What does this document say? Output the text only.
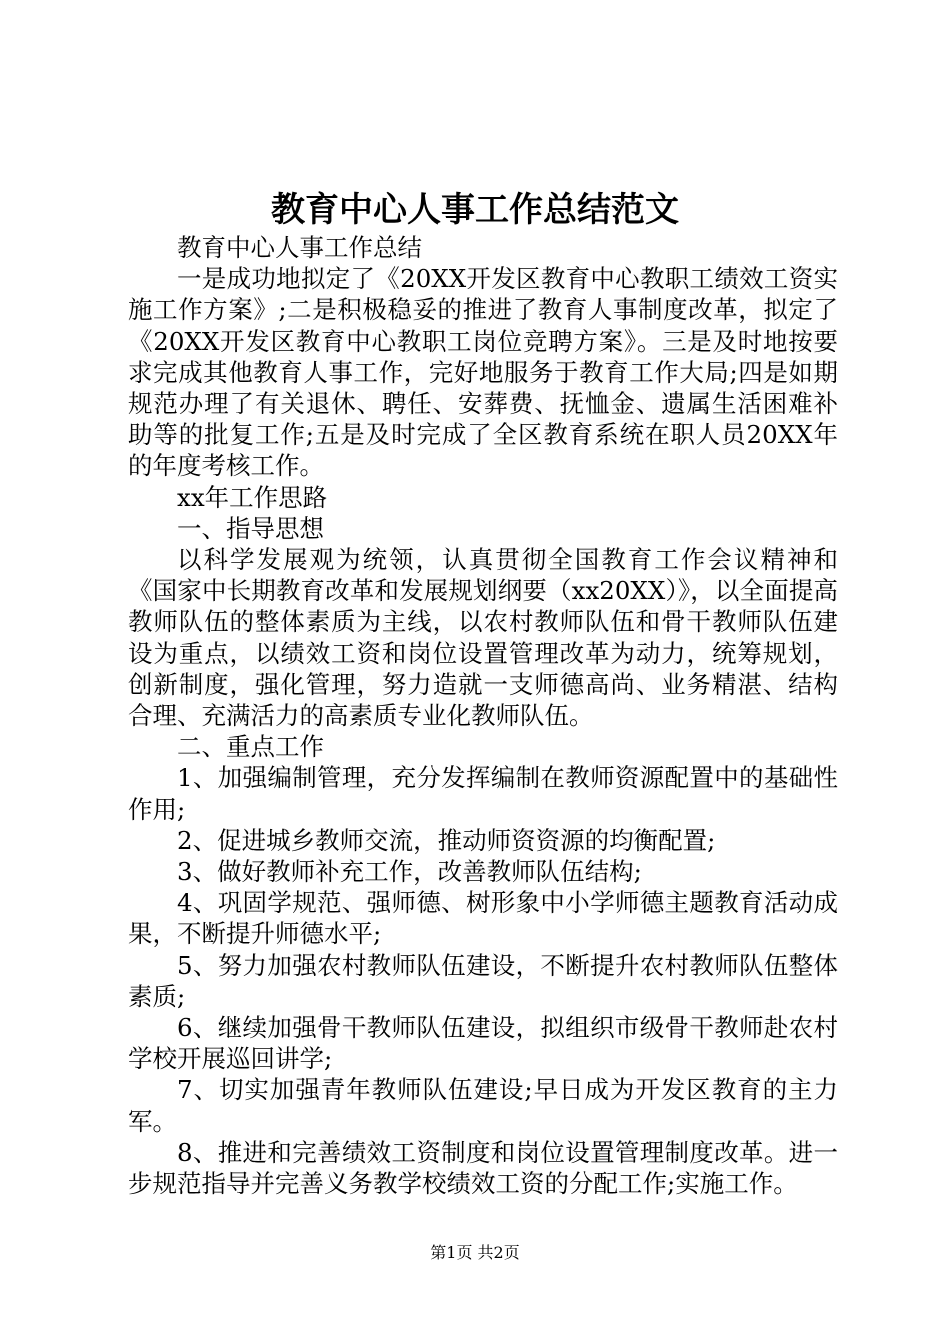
教育中心人事工作总结范文

教育中心人事工作总结

一是成功地拟定了《20XX开发区教育中心教职工绩效工资实施工作方案》;二是积极稳妥的推进了教育人事制度改革，拟定了《20XX开发区教育中心教职工岗位竞聘方案》。三是及时地按要求完成其他教育人事工作，完好地服务于教育工作大局;四是如期规范办理了有关退休、聘任、安葬费、抚恤金、遗属生活困难补助等的批复工作;五是及时完成了全区教育系统在职人员20XX年的年度考核工作。

xx年工作思路

一、指导思想

以科学发展观为统领，认真贯彻全国教育工作会议精神和《国家中长期教育改革和发展规划纲要（xx20XX）》，以全面提高教师队伍的整体素质为主线，以农村教师队伍和骨干教师队伍建设为重点，以绩效工资和岗位设置管理改革为动力，统筹规划，创新制度，强化管理，努力造就一支师德高尚、业务精湛、结构合理、充满活力的高素质专业化教师队伍。

二、重点工作

1、加强编制管理，充分发挥编制在教师资源配置中的基础性作用;

2、促进城乡教师交流，推动师资资源的均衡配置;

3、做好教师补充工作，改善教师队伍结构;

4、巩固学规范、强师德、树形象中小学师德主题教育活动成果，不断提升师德水平;

5、努力加强农村教师队伍建设，不断提升农村教师队伍整体素质;

6、继续加强骨干教师队伍建设，拟组织市级骨干教师赴农村学校开展巡回讲学;

7、切实加强青年教师队伍建设;早日成为开发区教育的主力军。

8、推进和完善绩效工资制度和岗位设置管理制度改革。进一步规范指导并完善义务教学校绩效工资的分配工作;实施工作。

第1页 共2页
